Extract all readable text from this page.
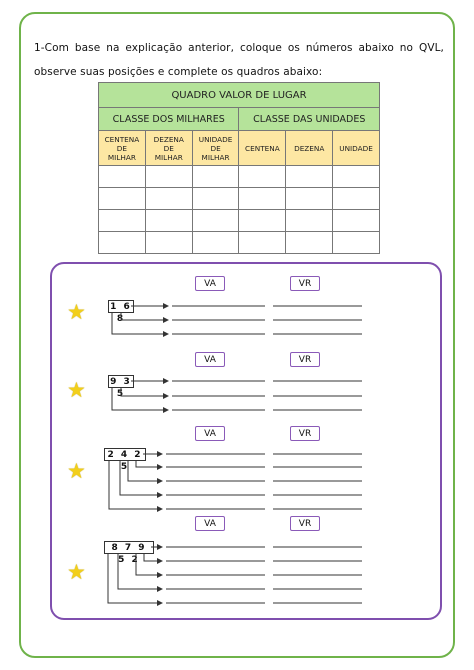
1-Com base na explicação anterior, coloque os números abaixo no QVL, observe suas posições e complete os quadros abaixo:
QUADRO VALOR DE LUGAR					
CLASSE DOS MILHARES			CLASSE DAS UNIDADES		
CENTENA
DE
MILHAR	DEZENA
DE
MILHAR	UNIDADE
DE
MILHAR	CENTENA	DEZENA	UNIDADE

VA	VR
★	1 6 8
VA	VR
★	9 3 5
VA	VR
★
2 4 2 5
VA	VR
★
8 7 9 5 2
